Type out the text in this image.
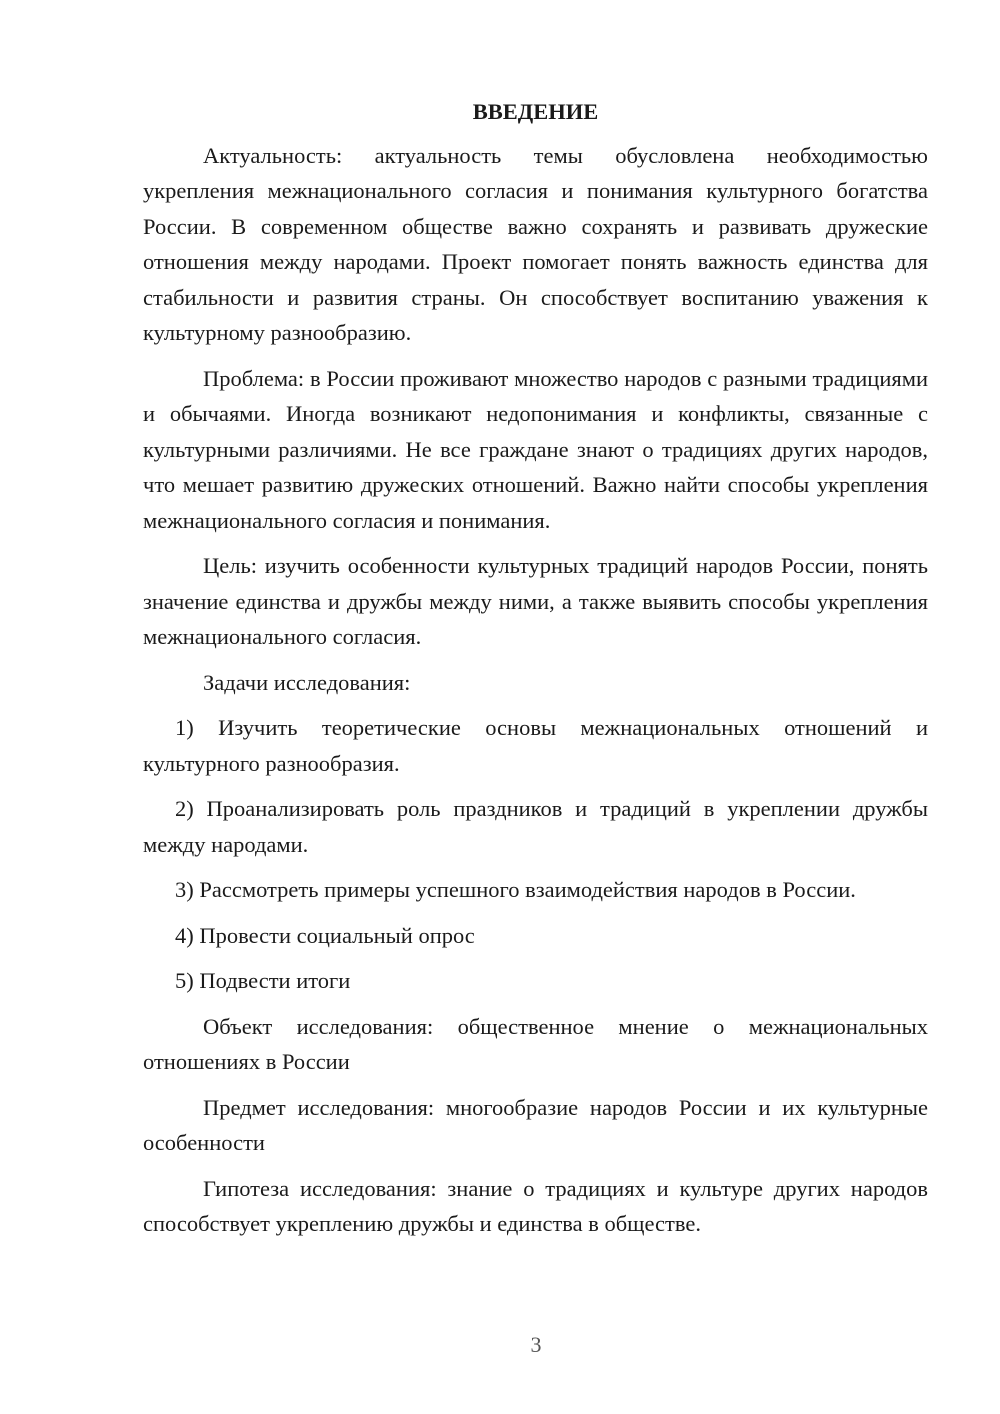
ВВЕДЕНИЕ

Актуальность: актуальность темы обусловлена необходимостью укрепления межнационального согласия и понимания культурного богатства России. В современном обществе важно сохранять и развивать дружеские отношения между народами. Проект помогает понять важность единства для стабильности и развития страны. Он способствует воспитанию уважения к культурному разнообразию.

Проблема: в России проживают множество народов с разными традициями и обычаями. Иногда возникают недопонимания и конфликты, связанные с культурными различиями. Не все граждане знают о традициях других народов, что мешает развитию дружеских отношений. Важно найти способы укрепления межнационального согласия и понимания.

Цель: изучить особенности культурных традиций народов России, понять значение единства и дружбы между ними, а также выявить способы укрепления межнационального согласия.

Задачи исследования:

1) Изучить теоретические основы межнациональных отношений и культурного разнообразия.

2) Проанализировать роль праздников и традиций в укреплении дружбы между народами.

3) Рассмотреть примеры успешного взаимодействия народов в России.

4) Провести социальный опрос

5) Подвести итоги

Объект исследования: общественное мнение о межнациональных отношениях в России

Предмет исследования: многообразие народов России и их культурные особенности

Гипотеза исследования: знание о традициях и культуре других народов способствует укреплению дружбы и единства в обществе.

3
